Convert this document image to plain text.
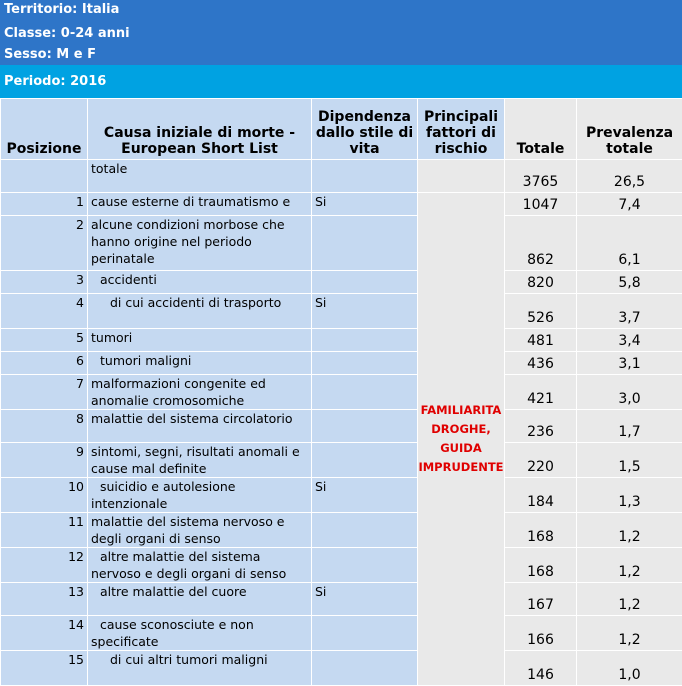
Territorio: Italia
Classe: 0-24 anni
Sesso: M e F
Periodo: 2016
Posizione	Causa iniziale di morte - European Short List	Dipendenza dallo stile di vita	Principali fattori di rischio	Totale	Prevalenza totale
	totale			3765	26,5
1	cause esterne di traumatismo e	Si	FAMILIARITA DROGHE, GUIDA IMPRUDENTE	1047	7,4
2	alcune condizioni morbose che hanno origine nel periodo perinatale			862	6,1
3	accidenti			820	5,8
4	di cui accidenti di trasporto	Si		526	3,7
5	tumori			481	3,4
6	tumori maligni			436	3,1
7	malformazioni congenite ed anomalie cromosomiche			421	3,0
8	malattie del sistema circolatorio			236	1,7
9	sintomi, segni, risultati anomali e cause mal definite			220	1,5
10	suicidio e autolesione intenzionale	Si		184	1,3
11	malattie del sistema nervoso e degli organi di senso			168	1,2
12	altre malattie del sistema nervoso e degli organi di senso			168	1,2
13	altre malattie del cuore	Si		167	1,2
14	cause sconosciute e non specificate			166	1,2
15	di cui altri tumori maligni			146	1,0
